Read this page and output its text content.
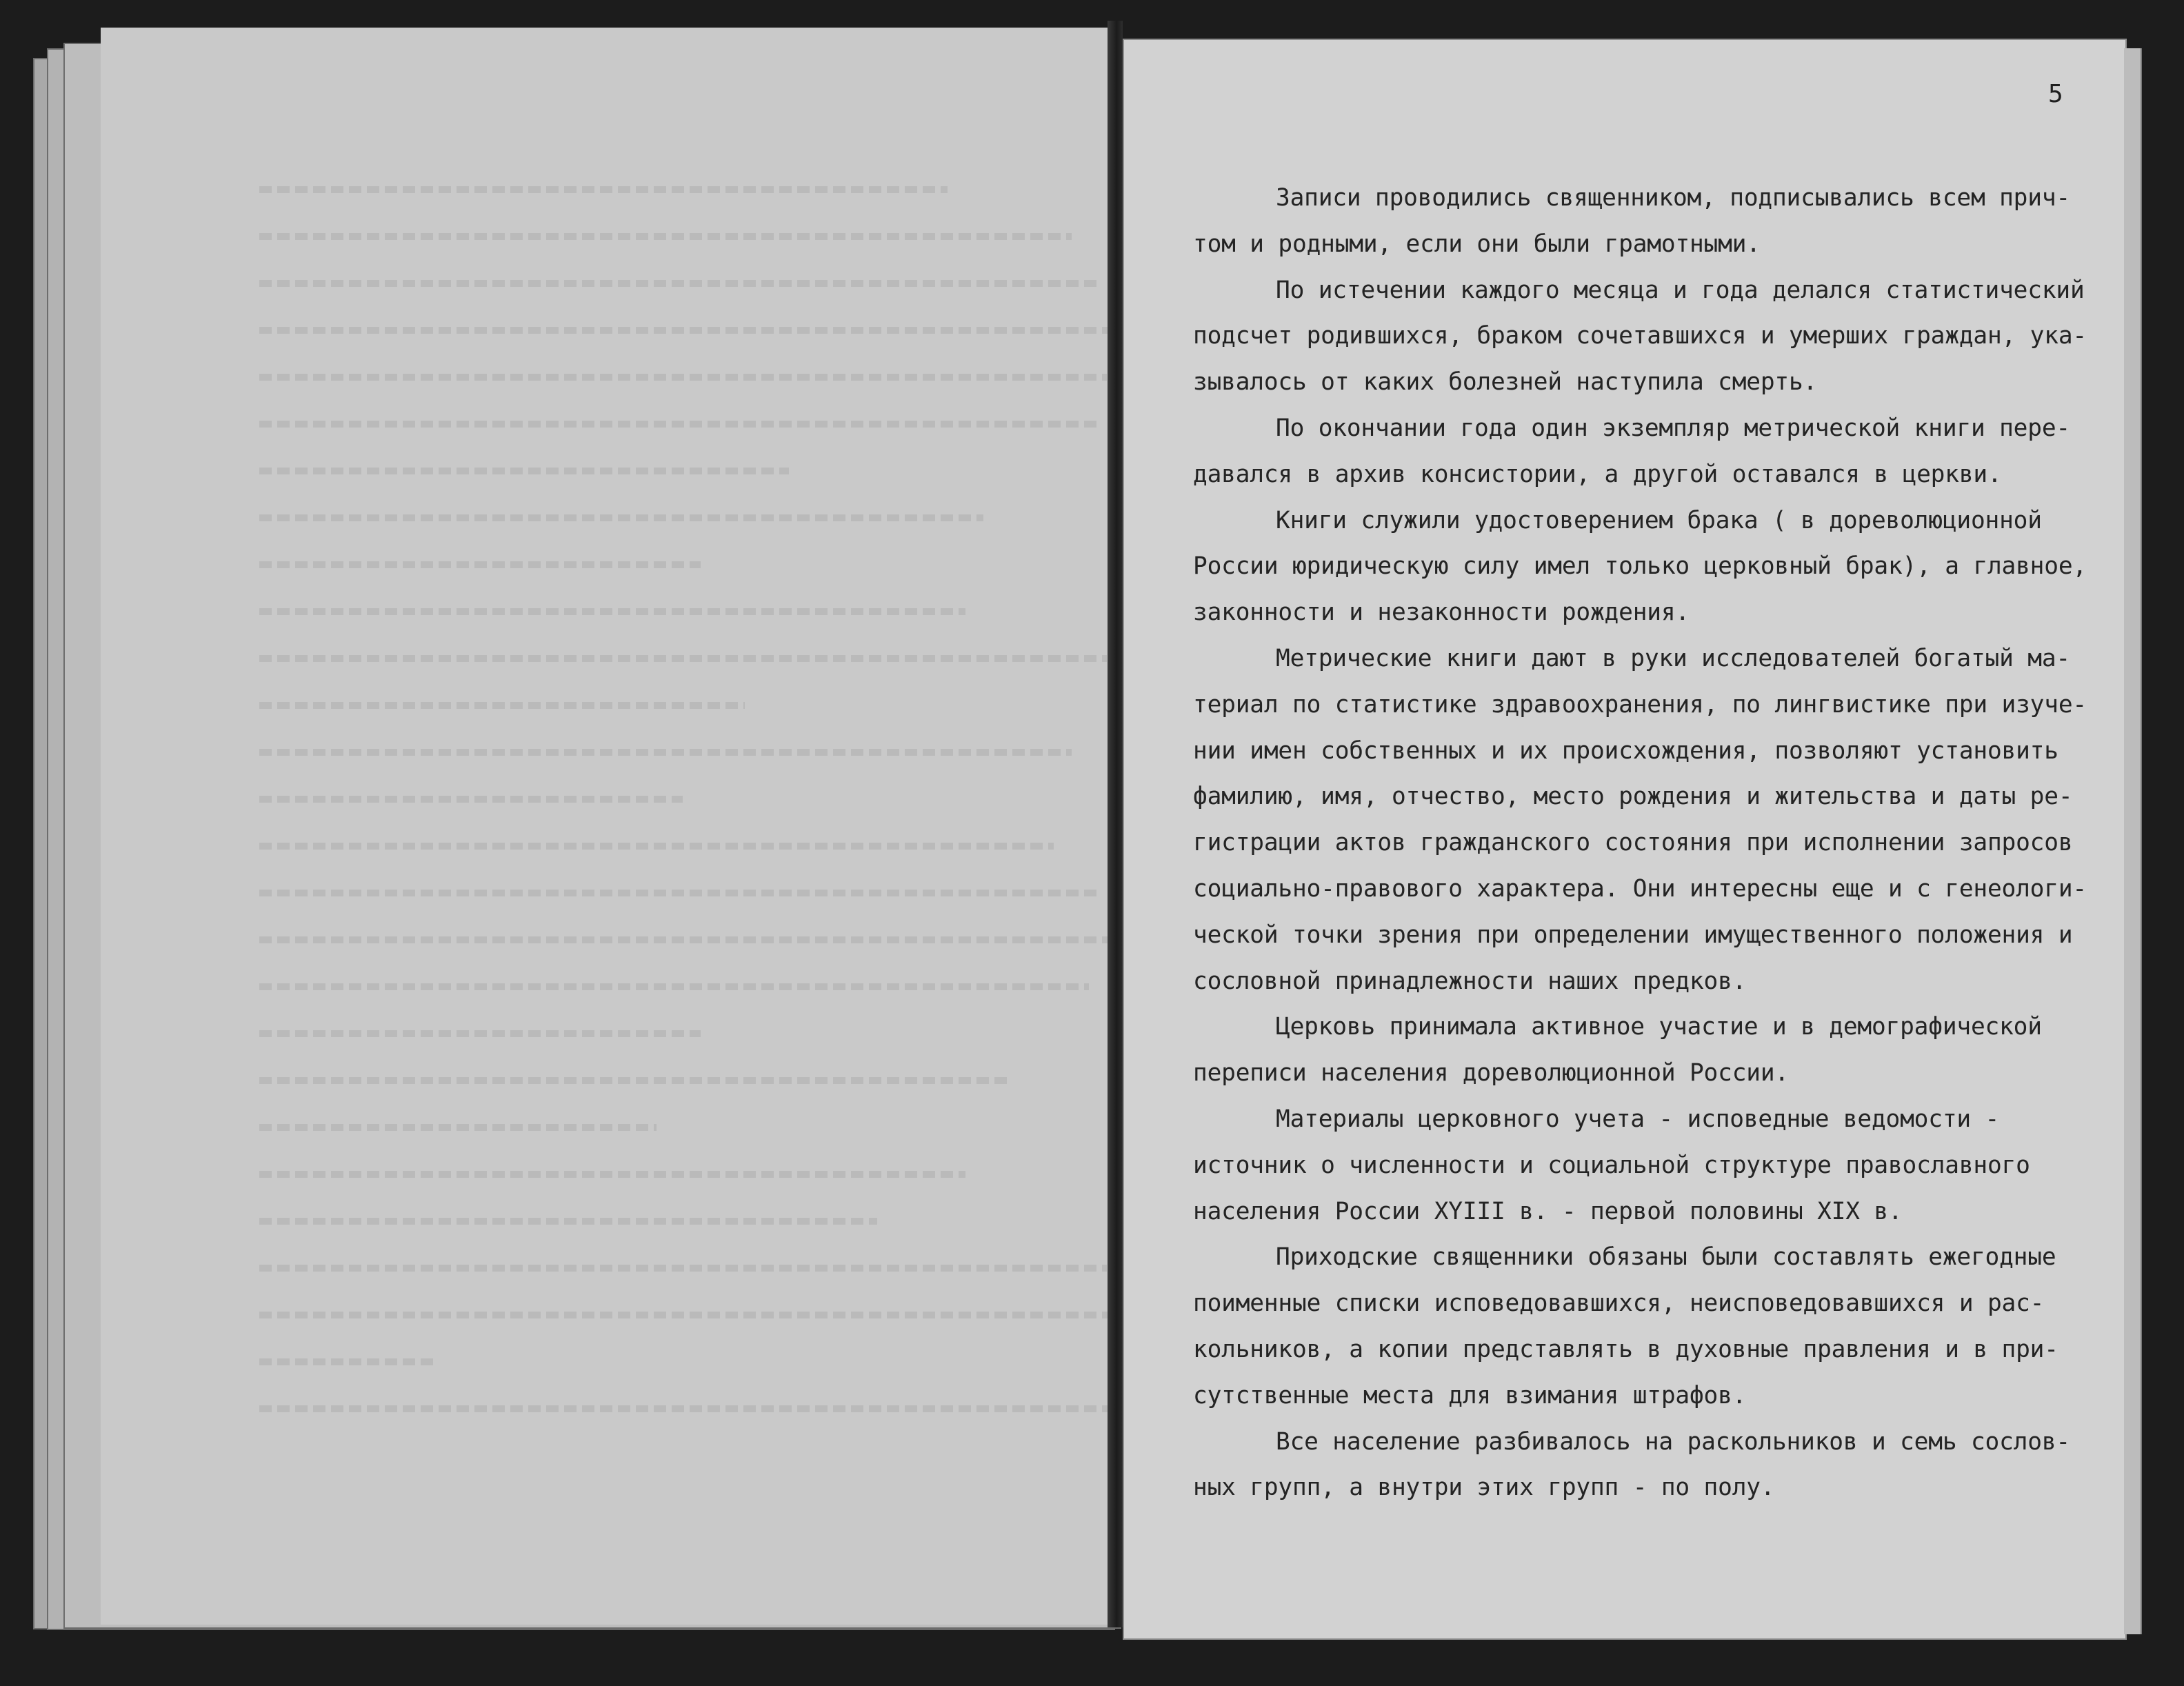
5
Записи проводились священником, подписывались всем прич-
том и родными, если они были грамотными.
По истечении каждого месяца и года делался статистический
подсчет родившихся, браком сочетавшихся и умерших граждан, ука-
зывалось от каких болезней наступила смерть.
По окончании года один экземпляр метрической книги пере-
давался в архив консистории, а другой оставался в церкви.
Книги служили удостоверением брака ( в дореволюционной
России юридическую силу имел только церковный брак), а главное,
законности и незаконности рождения.
Метрические книги дают в руки исследователей богатый ма-
териал по статистике здравоохранения, по лингвистике при изуче-
нии имен собственных и их происхождения, позволяют установить
фамилию, имя, отчество, место рождения и жительства и даты ре-
гистрации актов гражданского состояния при исполнении запросов
социально-правового характера. Они интересны еще и с генеологи-
ческой точки зрения при определении имущественного положения и
сословной принадлежности наших предков.
Церковь принимала активное участие и в демографической
переписи населения дореволюционной России.
Материалы церковного учета - исповедные ведомости -
источник о численности и социальной структуре православного
населения России XYIII в. - первой половины XIX в.
Приходские священники обязаны были составлять ежегодные
поименные списки исповедовавшихся, неисповедовавшихся и рас-
кольников, а копии представлять в духовные правления и в при-
сутственные места для взимания штрафов.
Все население разбивалось на раскольников и семь сослов-
ных групп, а внутри этих групп - по полу.
